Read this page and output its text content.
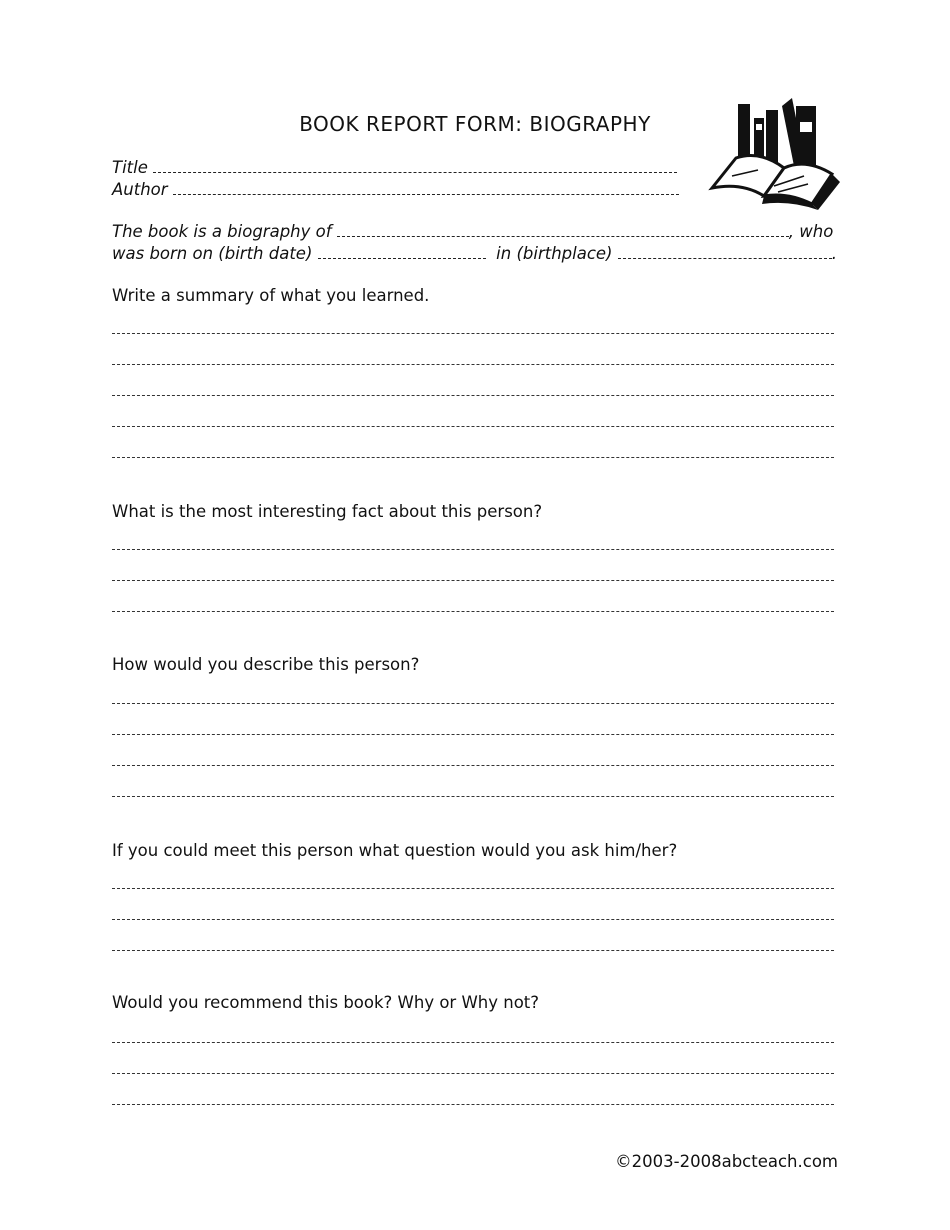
BOOK REPORT FORM: BIOGRAPHY
Title
Author
The book is a biography of	, who
was born on (birth date)	in (birthplace)	.
Write a summary of what you learned.
What is the most interesting fact about this person?
How would you describe this person?
If you could meet this person what question would you ask him/her?
Would you recommend this book? Why or Why not?
©2003-2008abcteach.com
